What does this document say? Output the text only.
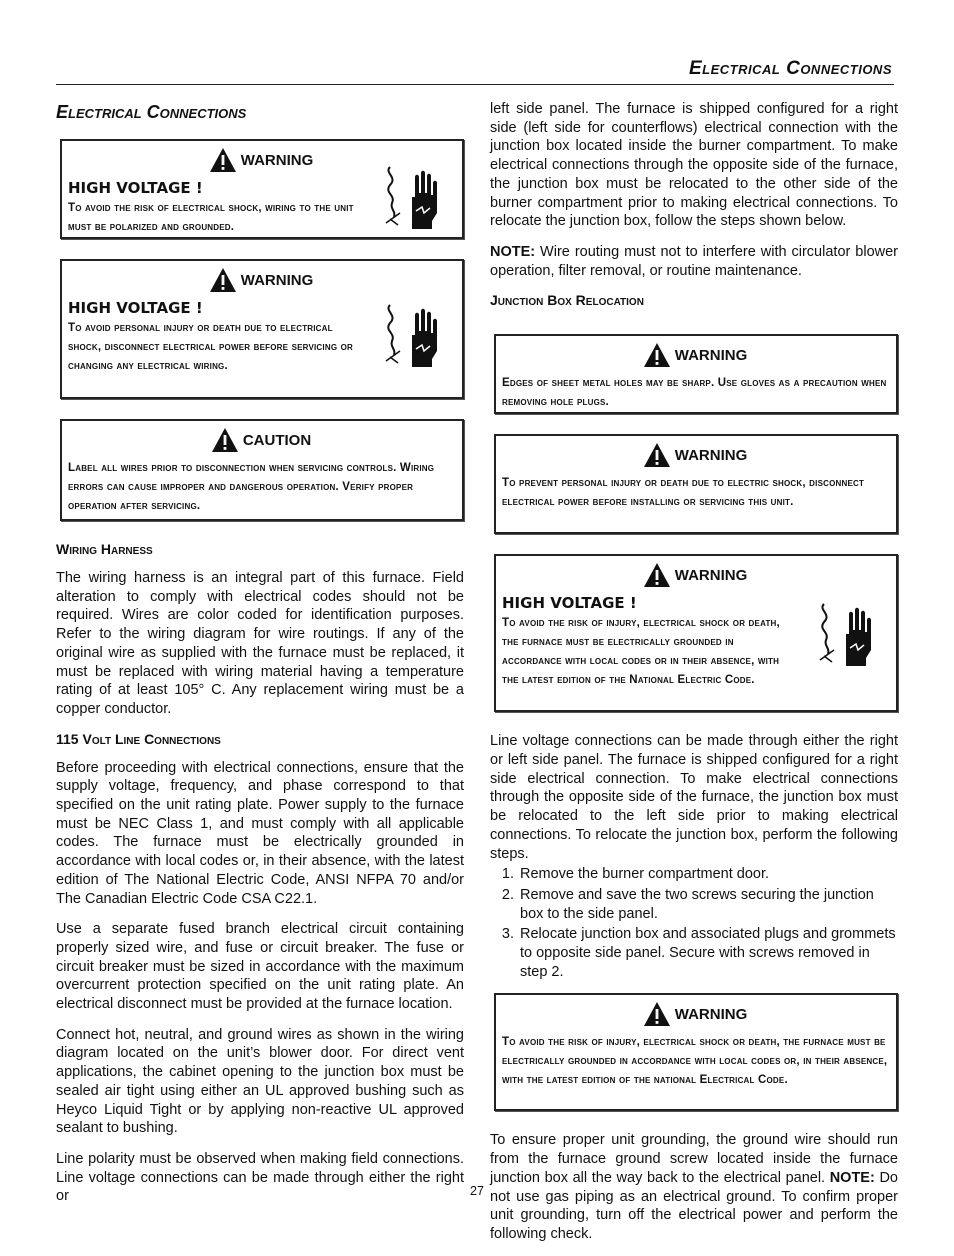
Electrical Connections
Electrical Connections
WARNING
HIGH VOLTAGE !
To avoid the risk of electrical shock, wiring to the unit must be polarized and grounded.
WARNING
HIGH VOLTAGE !
To avoid personal injury or death due to electrical shock, disconnect electrical power before servicing or changing any electrical wiring.
CAUTION
Label all wires prior to disconnection when servicing controls. Wiring errors can cause improper and dangerous operation. Verify proper operation after servicing.
Wiring Harness

The wiring harness is an integral part of this furnace. Field alteration to comply with electrical codes should not be required. Wires are color coded for identification purposes. Refer to the wiring diagram for wire routings. If any of the original wire as supplied with the furnace must be replaced, it must be replaced with wiring material having a temperature rating of at least 105° C. Any replacement wiring must be a copper conductor.

115 Volt Line Connections

Before proceeding with electrical connections, ensure that the supply voltage, frequency, and phase correspond to that specified on the unit rating plate. Power supply to the furnace must be NEC Class 1, and must comply with all applicable codes. The furnace must be electrically grounded in accordance with local codes or, in their absence, with the latest edition of The National Electric Code, ANSI NFPA 70 and/or The Canadian Electric Code CSA C22.1.

Use a separate fused branch electrical circuit containing properly sized wire, and fuse or circuit breaker. The fuse or circuit breaker must be sized in accordance with the maximum overcurrent protection specified on the unit rating plate. An electrical disconnect must be provided at the furnace location.

Connect hot, neutral, and ground wires as shown in the wiring diagram located on the unit’s blower door. For direct vent applications, the cabinet opening to the junction box must be sealed air tight using either an UL approved bushing such as Heyco Liquid Tight or by applying non-reactive UL approved sealant to bushing.

Line polarity must be observed when making field connections. Line voltage connections can be made through either the right or

left side panel. The furnace is shipped configured for a right side (left side for counterflows) electrical connection with the junction box located inside the burner compartment. To make electrical connections through the opposite side of the furnace, the junction box must be relocated to the other side of the burner compartment prior to making electrical connections. To relocate the junction box, follow the steps shown below.

NOTE: Wire routing must not to interfere with circulator blower operation, filter removal, or routine maintenance.

Junction Box Relocation
WARNING
Edges of sheet metal holes may be sharp. Use gloves as a precaution when removing hole plugs.
WARNING
To prevent personal injury or death due to electric shock, disconnect electrical power before installing or servicing this unit.
WARNING
HIGH VOLTAGE !
To avoid the risk of injury, electrical shock or death, the furnace must be electrically grounded in accordance with local codes or in their absence, with the latest edition of the National Electric Code.

Line voltage connections can be made through either the right or left side panel. The furnace is shipped configured for a right side electrical connection. To make electrical connections through the opposite side of the furnace, the junction box must be relocated to the left side prior to making electrical connections. To relocate the junction box, perform the following steps.

1. Remove the burner compartment door.
2. Remove and save the two screws securing the junction box to the side panel.
3. Relocate junction box and associated plugs and grommets to opposite side panel. Secure with screws removed in step 2.
WARNING
To avoid the risk of injury, electrical shock or death, the furnace must be electrically grounded in accordance with local codes or, in their absence, with the latest edition of the national Electrical Code.

To ensure proper unit grounding, the ground wire should run from the furnace ground screw located inside the furnace junction box all the way back to the electrical panel. NOTE: Do not use gas piping as an electrical ground. To confirm proper unit grounding, turn off the electrical power and perform the following check.

27
